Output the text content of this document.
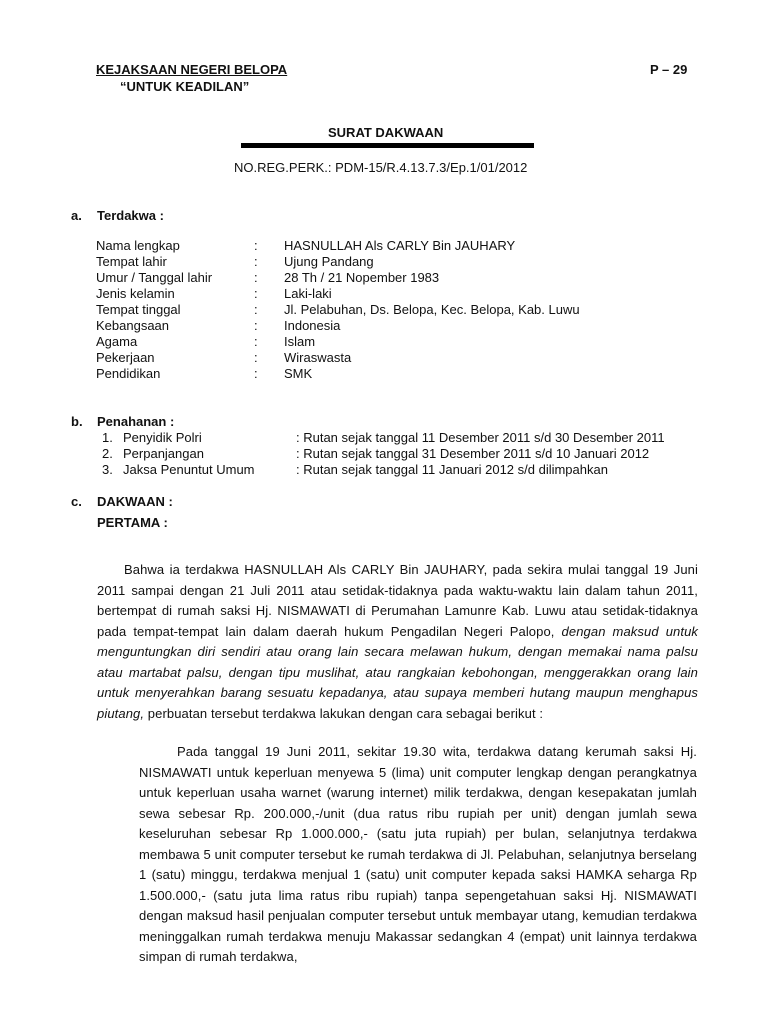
KEJAKSAAN NEGERI BELOPA	P – 29
“UNTUK KEADILAN”
SURAT DAKWAAN
NO.REG.PERK.: PDM-15/R.4.13.7.3/Ep.1/01/2012
a. Terdakwa :
Nama lengkap	: HASNULLAH Als CARLY Bin JAUHARY
Tempat lahir	: Ujung Pandang
Umur / Tanggal lahir	: 28 Th / 21 Nopember 1983
Jenis kelamin	: Laki-laki
Tempat tinggal	: Jl. Pelabuhan, Ds. Belopa, Kec. Belopa, Kab. Luwu
Kebangsaan	: Indonesia
Agama	: Islam
Pekerjaan	: Wiraswasta
Pendidikan	: SMK
b. Penahanan :
1. Penyidik Polri	: Rutan sejak tanggal 11 Desember 2011 s/d 30 Desember 2011
2. Perpanjangan	: Rutan sejak tanggal 31 Desember 2011 s/d 10 Januari 2012
3. Jaksa Penuntut Umum	: Rutan sejak tanggal 11 Januari 2012 s/d dilimpahkan
c. DAKWAAN :
PERTAMA :
Bahwa ia terdakwa HASNULLAH Als CARLY Bin JAUHARY, pada sekira mulai tanggal 19 Juni 2011 sampai dengan 21 Juli 2011 atau setidak-tidaknya pada waktu-waktu lain dalam tahun 2011, bertempat di rumah saksi Hj. NISMAWATI di Perumahan Lamunre Kab. Luwu atau setidak-tidaknya pada tempat-tempat lain dalam daerah hukum Pengadilan Negeri Palopo, dengan maksud untuk menguntungkan diri sendiri atau orang lain secara melawan hukum, dengan memakai nama palsu atau martabat palsu, dengan tipu muslihat, atau rangkaian kebohongan, menggerakkan orang lain untuk menyerahkan barang sesuatu kepadanya, atau supaya memberi hutang maupun menghapus piutang, perbuatan tersebut terdakwa lakukan dengan cara sebagai berikut :
Pada tanggal 19 Juni 2011, sekitar 19.30 wita, terdakwa datang kerumah saksi Hj. NISMAWATI untuk keperluan menyewa 5 (lima) unit computer lengkap dengan perangkatnya untuk keperluan usaha warnet (warung internet) milik terdakwa, dengan kesepakatan jumlah sewa sebesar Rp. 200.000,-/unit (dua ratus ribu rupiah per unit) dengan jumlah sewa keseluruhan sebesar Rp 1.000.000,- (satu juta rupiah) per bulan, selanjutnya terdakwa membawa 5 unit computer tersebut ke rumah terdakwa di Jl. Pelabuhan, selanjutnya berselang 1 (satu) minggu, terdakwa menjual 1 (satu) unit computer kepada saksi HAMKA seharga Rp 1.500.000,- (satu juta lima ratus ribu rupiah) tanpa sepengetahuan saksi Hj. NISMAWATI dengan maksud hasil penjualan computer tersebut untuk membayar utang, kemudian terdakwa meninggalkan rumah terdakwa menuju Makassar sedangkan 4 (empat) unit lainnya terdakwa simpan di rumah terdakwa,
